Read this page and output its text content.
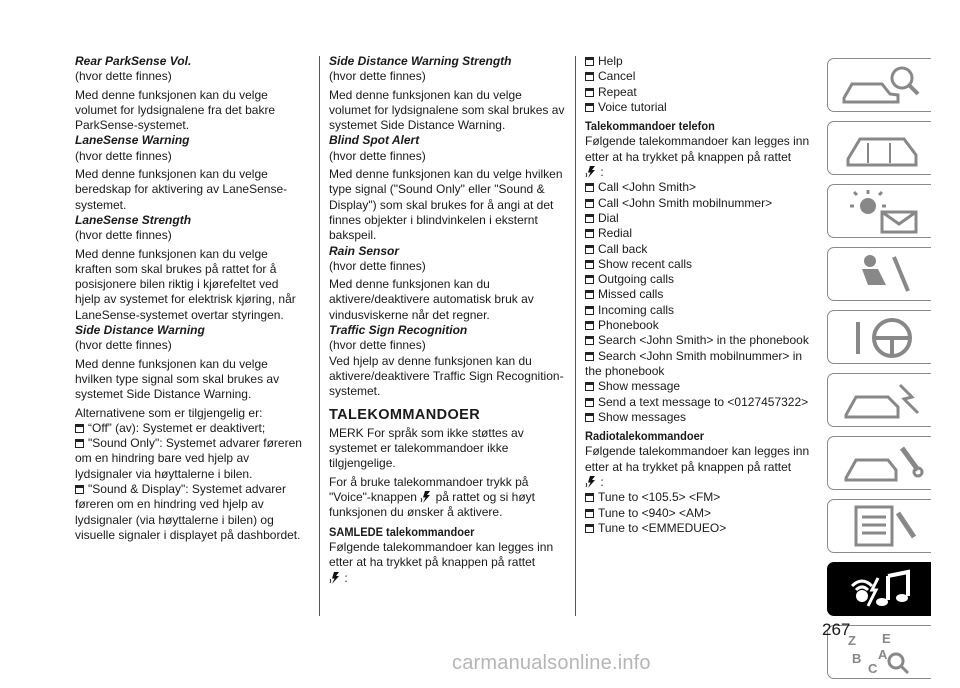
Rear ParkSense Vol.

(hvor dette finnes)

Med denne funksjonen kan du velge volumet for lydsignalene fra det bakre ParkSense-systemet.

LaneSense Warning

(hvor dette finnes)

Med denne funksjonen kan du velge beredskap for aktivering av LaneSense-systemet.

LaneSense Strength

(hvor dette finnes)

Med denne funksjonen kan du velge kraften som skal brukes på rattet for å posisjonere bilen riktig i kjørefeltet ved hjelp av systemet for elektrisk kjøring, når LaneSense-systemet overtar styringen.

Side Distance Warning

(hvor dette finnes)

Med denne funksjonen kan du velge hvilken type signal som skal brukes av systemet Side Distance Warning.

Alternativene som er tilgjengelig er:

“Off” (av): Systemet er deaktivert;

"Sound Only": Systemet advarer føreren om en hindring bare ved hjelp av lydsignaler via høyttalerne i bilen.

"Sound & Display": Systemet advarer føreren om en hindring ved hjelp av lydsignaler (via høyttalerne i bilen) og visuelle signaler i displayet på dashbordet.

Side Distance Warning Strength

(hvor dette finnes)

Med denne funksjonen kan du velge volumet for lydsignalene som skal brukes av systemet Side Distance Warning.

Blind Spot Alert

(hvor dette finnes)

Med denne funksjonen kan du velge hvilken type signal ("Sound Only" eller "Sound & Display") som skal brukes for å angi at det finnes objekter i blindvinkelen i eksternt bakspeil.

Rain Sensor

(hvor dette finnes)

Med denne funksjonen kan du aktivere/deaktivere automatisk bruk av vindusviskerne når det regner.

Traffic Sign Recognition

(hvor dette finnes)

Ved hjelp av denne funksjonen kan du aktivere/deaktivere Traffic Sign Recognition-systemet.

TALEKOMMANDOER

MERK For språk som ikke støttes av systemet er talekommandoer ikke tilgjengelige.

For å bruke talekommandoer trykk på "Voice"-knappen på rattet og si høyt funksjonen du ønsker å aktivere.

SAMLEDE talekommandoer

Følgende talekommandoer kan legges inn etter at ha trykket på knappen på rattet

:

Help

Cancel

Repeat

Voice tutorial

Talekommandoer telefon

Følgende talekommandoer kan legges inn etter at ha trykket på knappen på rattet

:

Call <John Smith>

Call <John Smith mobilnummer>

Dial

Redial

Call back

Show recent calls

Outgoing calls

Missed calls

Incoming calls

Phonebook

Search <John Smith> in the phonebook

Search <John Smith mobilnummer> in the phonebook

Show message

Send a text message to <0127457322>

Show messages

Radiotalekommandoer

Følgende talekommandoer kan legges inn etter at ha trykket på knappen på rattet

:

Tune to <105.5> <FM>

Tune to <940> <AM>

Tune to <EMMEDUEO>

Z E
B
C
A
267
carmanualsonline.info
